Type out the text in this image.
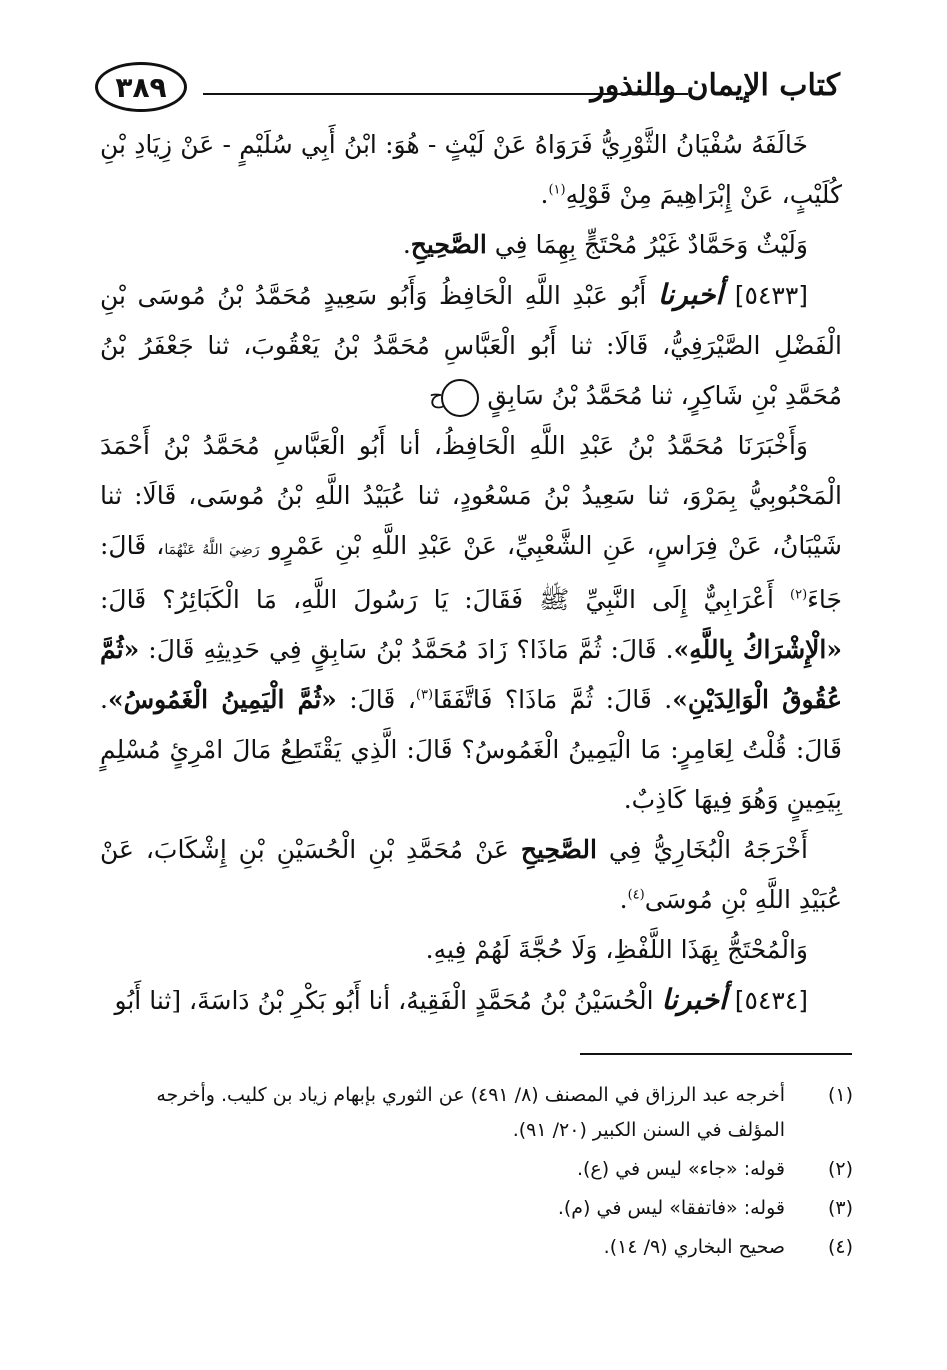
كتاب الإيمان والنذور
٣٨٩

خَالَفَهُ سُفْيَانُ الثَّوْرِيُّ فَرَوَاهُ عَنْ لَيْثٍ - هُوَ: ابْنُ أَبِي سُلَيْمٍ - عَنْ زِيَادِ بْنِ كُلَيْبٍ، عَنْ إِبْرَاهِيمَ مِنْ قَوْلِهِ$^{(١)}$.

وَلَيْثٌ وَحَمَّادٌ غَيْرُ مُحْتَجٍّ بِهِمَا فِي الصَّحِيحِ.

[٥٤٣٣] أخبرنا أَبُو عَبْدِ اللَّهِ الْحَافِظُ وَأَبُو سَعِيدٍ مُحَمَّدُ بْنُ مُوسَى بْنِ الْفَضْلِ الصَّيْرَفِيُّ، قَالَا: ثنا أَبُو الْعَبَّاسِ مُحَمَّدُ بْنُ يَعْقُوبَ، ثنا جَعْفَرُ بْنُ مُحَمَّدِ بْنِ شَاكِرٍ، ثنا مُحَمَّدُ بْنُ سَابِقٍ ح

وَأَخْبَرَنَا مُحَمَّدُ بْنُ عَبْدِ اللَّهِ الْحَافِظُ، أنا أَبُو الْعَبَّاسِ مُحَمَّدُ بْنُ أَحْمَدَ الْمَحْبُوبِيُّ بِمَرْوَ، ثنا سَعِيدُ بْنُ مَسْعُودٍ، ثنا عُبَيْدُ اللَّهِ بْنُ مُوسَى، قَالَا: ثنا شَيْبَانُ، عَنْ فِرَاسٍ، عَنِ الشَّعْبِيِّ، عَنْ عَبْدِ اللَّهِ بْنِ عَمْرٍو رَضِيَ اللَّهُ عَنْهُمَا، قَالَ: جَاءَ$^{(٢)}$ أَعْرَابِيٌّ إِلَى النَّبِيِّ ﷺ فَقَالَ: يَا رَسُولَ اللَّهِ، مَا الْكَبَائِرُ؟ قَالَ: «الْإِشْرَاكُ بِاللَّهِ». قَالَ: ثُمَّ مَاذَا؟ زَادَ مُحَمَّدُ بْنُ سَابِقٍ فِي حَدِيثِهِ قَالَ: «ثُمَّ عُقُوقُ الْوَالِدَيْنِ». قَالَ: ثُمَّ مَاذَا؟ فَاتَّفَقَا$^{(٣)}$، قَالَ: «ثُمَّ الْيَمِينُ الْغَمُوسُ». قَالَ: قُلْتُ لِعَامِرٍ: مَا الْيَمِينُ الْغَمُوسُ؟ قَالَ: الَّذِي يَقْتَطِعُ مَالَ امْرِئٍ مُسْلِمٍ بِيَمِينٍ وَهُوَ فِيهَا كَاذِبٌ.

أَخْرَجَهُ الْبُخَارِيُّ فِي الصَّحِيحِ عَنْ مُحَمَّدِ بْنِ الْحُسَيْنِ بْنِ إِشْكَابَ، عَنْ عُبَيْدِ اللَّهِ بْنِ مُوسَى$^{(٤)}$.

وَالْمُحْتَجُّ بِهَذَا اللَّفْظِ، وَلَا حُجَّةَ لَهُمْ فِيهِ.

[٥٤٣٤] أخبرنا الْحُسَيْنُ بْنُ مُحَمَّدٍ الْفَقِيهُ، أنا أَبُو بَكْرِ بْنُ دَاسَةَ، [ثنا أَبُو

(١)
أخرجه عبد الرزاق في المصنف (٨/ ٤٩١) عن الثوري بإبهام زياد بن كليب. وأخرجه المؤلف في السنن الكبير (٢٠/ ٩١).
(٢)
قوله: «جاء» ليس في (ع).
(٣)
قوله: «فاتفقا» ليس في (م).
(٤)
صحيح البخاري (٩/ ١٤).
